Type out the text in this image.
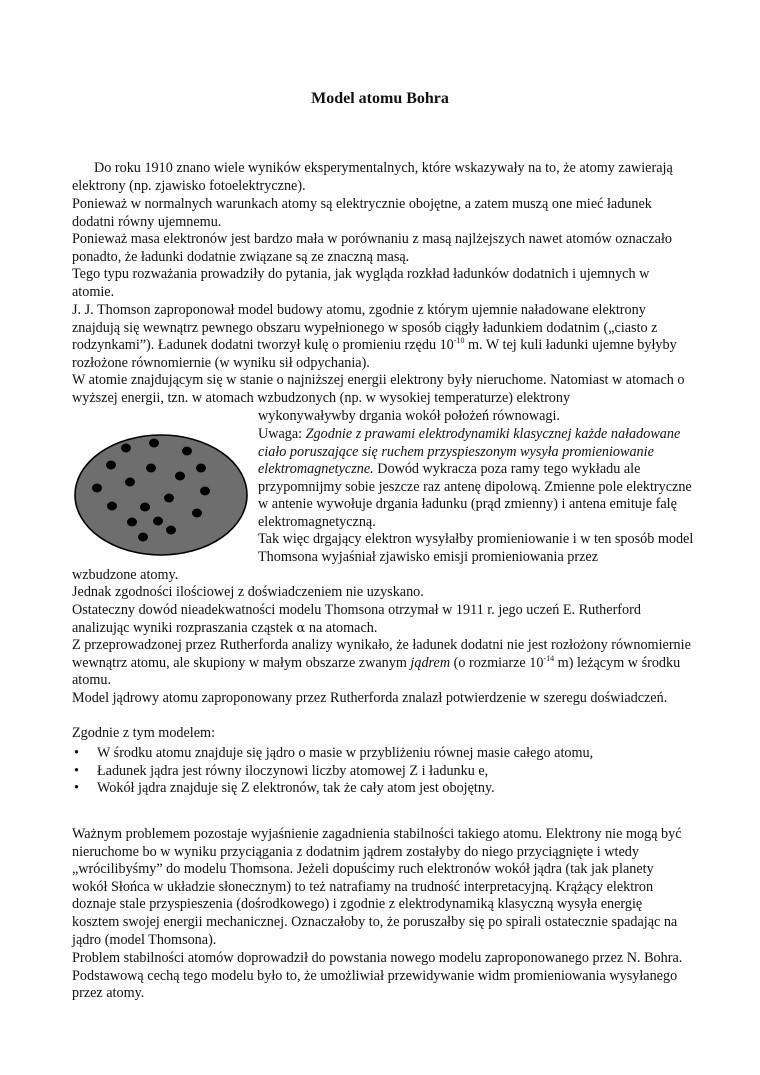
Model atomu Bohra

Do roku 1910 znano wiele wyników eksperymentalnych, które wskazywały na to, że atomy zawierają elektrony (np. zjawisko fotoelektryczne).

Ponieważ w normalnych warunkach atomy są elektrycznie obojętne, a zatem muszą one mieć ładunek dodatni równy ujemnemu.

Ponieważ masa elektronów jest bardzo mała w porównaniu z masą najlżejszych nawet atomów oznaczało ponadto, że ładunki dodatnie związane są ze znaczną masą.

Tego typu rozważania prowadziły do pytania, jak wygląda rozkład ładunków dodatnich i ujemnych w atomie.

J. J. Thomson zaproponował model budowy atomu, zgodnie z którym ujemnie naładowane elektrony znajdują się wewnątrz pewnego obszaru wypełnionego w sposób ciągły ładunkiem dodatnim („ciasto z rodzynkami”). Ładunek dodatni tworzył kulę o promieniu rzędu $10^{-10}$ m. W tej kuli ładunki ujemne byłyby rozłożone równomiernie (w wyniku sił odpychania).

W atomie znajdującym się w stanie o najniższej energii elektrony były nieruchome. Natomiast w atomach o wyższej energii, tzn. w atomach wzbudzonych (np. w wysokiej temperaturze) elektrony

wykonywaływby drgania wokół położeń równowagi.

Uwaga: Zgodnie z prawami elektrodynamiki klasycznej każde naładowane ciało poruszające się ruchem przyspieszonym wysyła promieniowanie elektromagnetyczne. Dowód wykracza poza ramy tego wykładu ale przypomnijmy sobie jeszcze raz antenę dipolową. Zmienne pole elektryczne w antenie wywołuje drgania ładunku (prąd zmienny) i antena emituje falę elektromagnetyczną.

Tak więc drgający elektron wysyłałby promieniowanie i w ten sposób model Thomsona wyjaśniał zjawisko emisji promieniowania przez

wzbudzone atomy.

Jednak zgodności ilościowej z doświadczeniem nie uzyskano.

Ostateczny dowód nieadekwatności modelu Thomsona otrzymał w 1911 r. jego uczeń E. Rutherford analizując wyniki rozpraszania cząstek α na atomach.

Z przeprowadzonej przez Rutherforda analizy wynikało, że ładunek dodatni nie jest rozłożony równomiernie wewnątrz atomu, ale skupiony w małym obszarze zwanym jądrem (o rozmiarze $10^{-14}$ m) leżącym w środku atomu.

Model jądrowy atomu zaproponowany przez Rutherforda znalazł potwierdzenie w szeregu doświadczeń.

Zgodnie z tym modelem:

• W środku atomu znajduje się jądro o masie w przybliżeniu równej masie całego atomu,
• Ładunek jądra jest równy iloczynowi liczby atomowej Z i ładunku e,
• Wokół jądra znajduje się Z elektronów, tak że cały atom jest obojętny.

Ważnym problemem pozostaje wyjaśnienie zagadnienia stabilności takiego atomu. Elektrony nie mogą być nieruchome bo w wyniku przyciągania z dodatnim jądrem zostałyby do niego przyciągnięte i wtedy „wrócilibyśmy” do modelu Thomsona. Jeżeli dopuścimy ruch elektronów wokół jądra (tak jak planety wokół Słońca w układzie słonecznym) to też natrafiamy na trudność interpretacyjną. Krążący elektron doznaje stale przyspieszenia (dośrodkowego) i zgodnie z elektrodynamiką klasyczną wysyła energię kosztem swojej energii mechanicznej. Oznaczałoby to, że poruszałby się po spirali ostatecznie spadając na jądro (model Thomsona).

Problem stabilności atomów doprowadził do powstania nowego modelu zaproponowanego przez N. Bohra. Podstawową cechą tego modelu było to, że umożliwiał przewidywanie widm promieniowania wysyłanego przez atomy.
